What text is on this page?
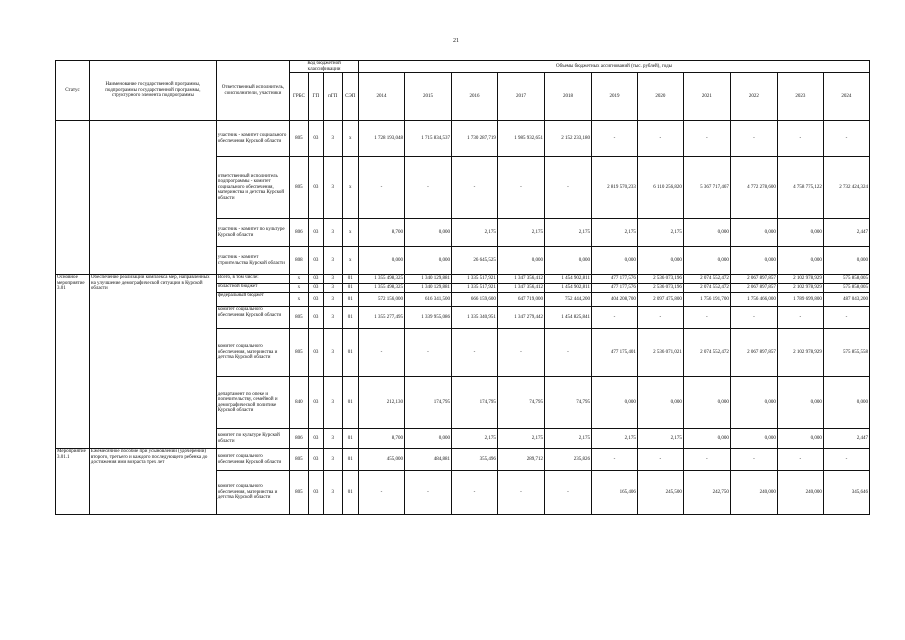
21
Статус	Наименование государственной программы, подпрограммы государственной программы, структурного элемента подпрограммы	Ответственный исполнитель, соисполнители, участники	Код бюджетной классификации				Объемы бюджетных ассигнований (тыс. рублей), годы										
			ГРБС	ГП	пГП	СЭП	2014	2015	2016	2017	2018	2019	2020	2021	2022	2023	2024
		участник - комитет социального обеспечения Курской области	805	03	3	х	1 728 193,048	1 715 834,537	1 730 287,719	1 985 932,651	2 152 233,180	-	-	-	-	-	-
		ответственный исполнитель подпрограммы - комитет социального обеспечения, материнства и детства Курской области	805	03	3	х	-	-	-	-	-	2 819 570,233	6 110 256,820	5 367 717,467	4 772 278,600	4 758 775,122	2 732 424,324
		участник - комитет по культуре Курской области	806	03	3	х	8,700	0,000	2,175	2,175	2,175	2,175	2,175	0,000	0,000	0,000	2,447
		участник - комитет строительства Курской области	808	03	3	х	0,000	0,000	26 645,525	0,000	0,000	0,000	0,000	0,000	0,000	0,000	0,000
Основное мероприятие 3.01	Обеспечение реализации комплекса мер, направленных на улучшение демографической ситуации в Курской области	Всего, в том числе:	х	03	3	01	1 355 498,325	1 340 129,881	1 335 517,921	1 347 356,412	1 454 902,811	477 177,576	2 536 073,196	2 074 552,472	2 067 897,857	2 102 978,929	575 858,005
		областной бюджет	х	03	3	01	1 355 498,325	1 340 129,881	1 335 517,921	1 347 356,412	1 454 902,811	477 177,576	2 536 073,196	2 074 552,472	2 067 897,857	2 102 978,929	575 858,005
		федеральный бюджет	х	03	3	01	572 156,000	616 341,500	666 159,600	647 719,000	752 444,200	404 208,700	2 097 475,800	1 756 191,700	1 756 466,000	1 789 699,800	487 043,200
		комитет социального обеспечения Курской области	805	03	3	01	1 355 277,495	1 339 955,086	1 335 340,951	1 347 279,442	1 454 825,841	-	-	-	-	-	-
		комитет социального обеспечения, материнства и детства Курской области	805	03	3	01	-	-	-	-	-	477 175,401	2 536 071,021	2 074 552,472	2 067 897,857	2 102 978,929	575 855,558
		департамент по опеке и попечительству, семейной и демографической политике Курской области	840	03	3	01	212,130	174,795	174,795	74,795	74,795	0,000	0,000	0,000	0,000	0,000	0,000
		комитет по культуре Курской области	806	03	3	01	8,700	0,000	2,175	2,175	2,175	2,175	2,175	0,000	0,000	0,000	2,447
Мероприятие 3.01.1	Ежемесячное пособие при усыновлении (удочерении) второго, третьего и каждого последующего ребенка до достижения ими возраста трех лет	комитет социального обеспечения Курской области	805	03	3	01	455,000	484,881	355,496	289,712	235,826	-	-	-	-	-	-
		комитет социального обеспечения, материнства и детства Курской области	805	03	3	01	-	-	-	-	-	165,406	245,500	242,750	240,000	240,000	345,646
